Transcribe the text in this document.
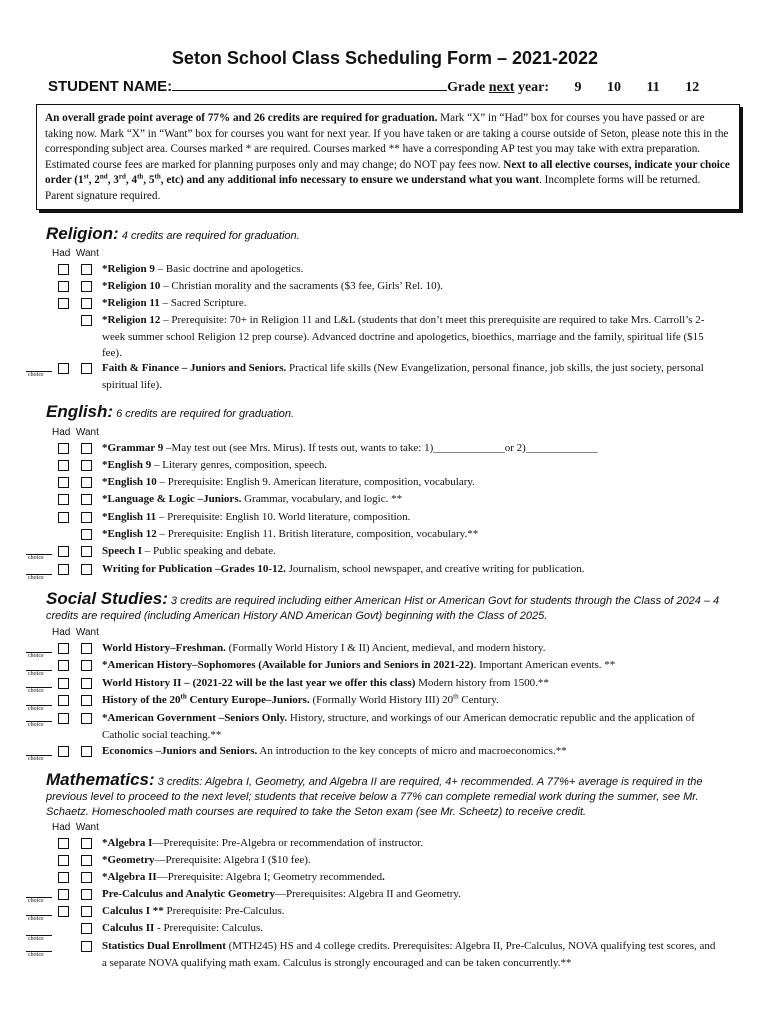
Seton School Class Scheduling Form – 2021-2022
STUDENT NAME:	Grade next year: 9 10 11 12
An overall grade point average of 77% and 26 credits are required for graduation. Mark “X” in “Had” box for courses you have passed or are taking now. Mark “X” in “Want” box for courses you want for next year. If you have taken or are taking a course outside of Seton, please note this in the corresponding subject area. Courses marked * are required. Courses marked ** have a corresponding AP test you may take with extra preparation. Estimated course fees are marked for planning purposes only and may change; do NOT pay fees now. Next to all elective courses, indicate your choice order (1st, 2nd, 3rd, 4th, 5th, etc) and any additional info necessary to ensure we understand what you want. Incomplete forms will be returned. Parent signature required.
Religion: 4 credits are required for graduation.
Had Want
*Religion 9 – Basic doctrine and apologetics.
*Religion 10 – Christian morality and the sacraments ($3 fee, Girls’ Rel. 10).
*Religion 11 – Sacred Scripture.
*Religion 12 – Prerequisite: 70+ in Religion 11 and L&L (students that don’t meet this prerequisite are required to take Mrs. Carroll’s 2-week summer school Religion 12 prep course). Advanced doctrine and apologetics, bioethics, marriage and the family, spiritual life ($15 fee).
choice
Faith & Finance – Juniors and Seniors. Practical life skills (New Evangelization, personal finance, job skills, the just society, personal spiritual life).
English: 6 credits are required for graduation.
Had Want
*Grammar 9 –May test out (see Mrs. Mirus). If tests out, wants to take: 1)_____________or 2)_____________
*English 9 – Literary genres, composition, speech.
*English 10 – Prerequisite: English 9. American literature, composition, vocabulary.
*Language & Logic –Juniors. Grammar, vocabulary, and logic. **
*English 11 – Prerequisite: English 10. World literature, composition.
*English 12 – Prerequisite: English 11. British literature, composition, vocabulary.**
choice
Speech I – Public speaking and debate.
choice
Writing for Publication –Grades 10-12. Journalism, school newspaper, and creative writing for publication.
Social Studies: 3 credits are required including either American Hist or American Govt for students through the Class of 2024 – 4 credits are required (including American History AND American Govt) beginning with the Class of 2025.
Had Want
choice
World History–Freshman. (Formally World History I & II) Ancient, medieval, and modern history.
choice
*American History–Sophomores (Available for Juniors and Seniors in 2021-22). Important American events. **
choice
World History II – (2021-22 will be the last year we offer this class) Modern history from 1500.**
choice
History of the 20th Century Europe–Juniors. (Formally World History III) 20th Century.
choice
*American Government –Seniors Only. History, structure, and workings of our American democratic republic and the application of Catholic social teaching.**
choice
Economics –Juniors and Seniors. An introduction to the key concepts of micro and macroeconomics.**
Mathematics: 3 credits: Algebra I, Geometry, and Algebra II are required, 4+ recommended. A 77%+ average is required in the previous level to proceed to the next level; students that receive below a 77% can complete remedial work during the summer, see Mr. Schaetz. Homeschooled math courses are required to take the Seton exam (see Mr. Scheetz) to receive credit.
Had Want
*Algebra I—Prerequisite: Pre-Algebra or recommendation of instructor.
*Geometry—Prerequisite: Algebra I ($10 fee).
*Algebra II—Prerequisite: Algebra I; Geometry recommended.
choice
Pre-Calculus and Analytic Geometry—Prerequisites: Algebra II and Geometry.
choice
Calculus I ** Prerequisite: Pre-Calculus.
choice
Calculus II - Prerequisite: Calculus.
choice
Statistics Dual Enrollment (MTH245) HS and 4 college credits. Prerequisites: Algebra II, Pre-Calculus, NOVA qualifying test scores, and a separate NOVA qualifying math exam. Calculus is strongly encouraged and can be taken concurrently.**
